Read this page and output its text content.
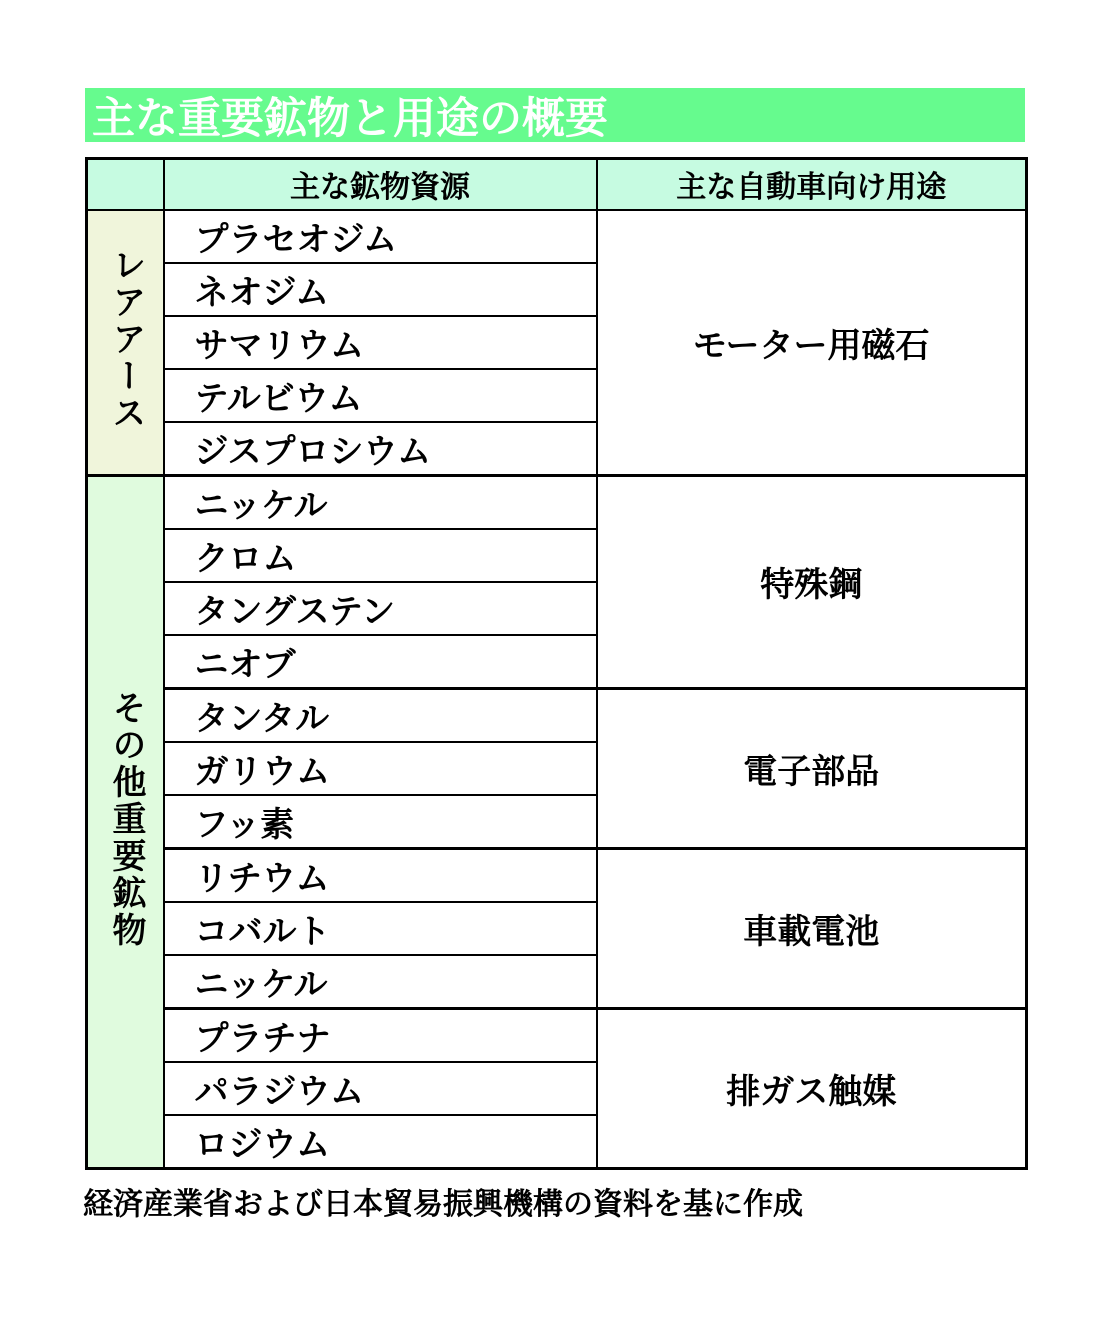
主な重要鉱物と用途の概要
	主な鉱物資源	主な自動車向け用途
レアアース	プラセオジム	モーター用磁石
	ネオジム	
	サマリウム	
	テルビウム	
	ジスプロシウム	
その他重要鉱物	ニッケル	特殊鋼
	クロム	
	タングステン	
	ニオブ	
	タンタル	電子部品
	ガリウム	
	フッ素	
	リチウム	車載電池
	コバルト	
	ニッケル	
	プラチナ	排ガス触媒
	パラジウム	
	ロジウム	
経済産業省および日本貿易振興機構の資料を基に作成
